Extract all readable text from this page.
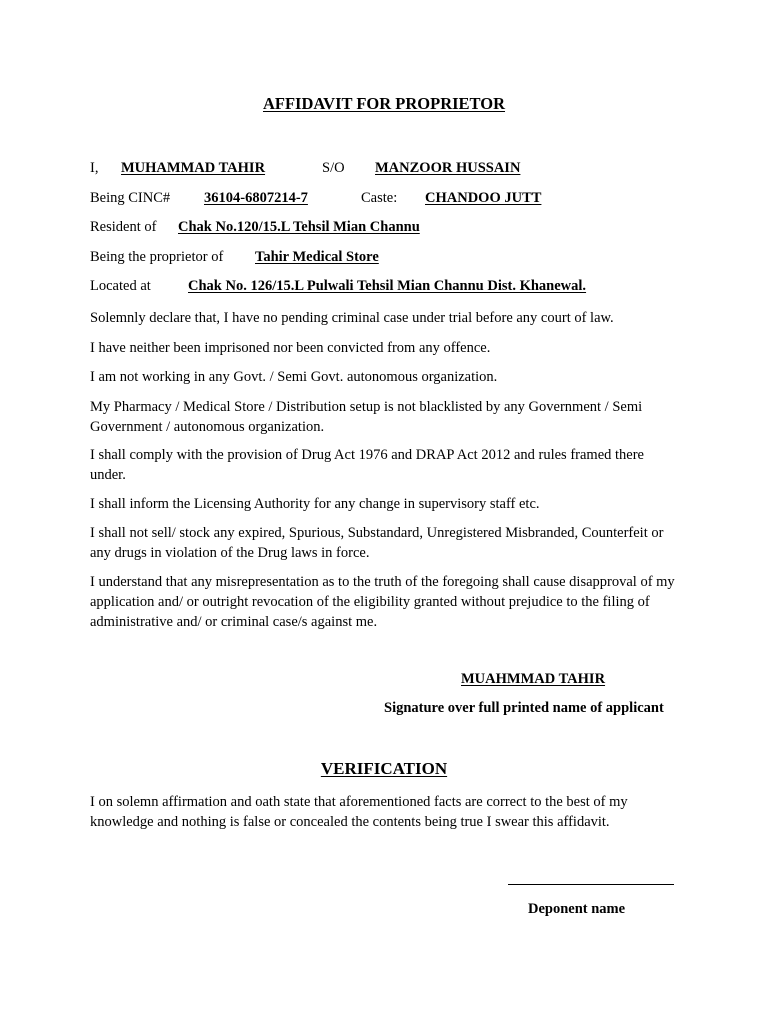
AFFIDAVIT FOR PROPRIETOR
I, MUHAMMAD TAHIR	S/O MANZOOR HUSSAIN
Being CINC# 36104-6807214-7	Caste: CHANDOO JUTT
Resident of Chak No.120/15.L Tehsil Mian Channu
Being the proprietor of Tahir Medical Store
Located at	Chak No. 126/15.L Pulwali Tehsil Mian Channu Dist. Khanewal.
Solemnly declare that, I have no pending criminal case under trial before any court of law.
I have neither been imprisoned nor been convicted from any offence.
I am not working in any Govt. / Semi Govt. autonomous organization.
My Pharmacy / Medical Store / Distribution setup is not blacklisted by any Government / Semi Government / autonomous organization.
I shall comply with the provision of Drug Act 1976 and DRAP Act 2012 and rules framed there under.
I shall inform the Licensing Authority for any change in supervisory staff etc.
I shall not sell/ stock any expired, Spurious, Substandard, Unregistered Misbranded, Counterfeit or any drugs in violation of the Drug laws in force.
I understand that any misrepresentation as to the truth of the foregoing shall cause disapproval of my application and/ or outright revocation of the eligibility granted without prejudice to the filing of administrative and/ or criminal case/s against me.
MUAHMMAD TAHIR
Signature over full printed name of applicant
VERIFICATION
I on solemn affirmation and oath state that aforementioned facts are correct to the best of my knowledge and nothing is false or concealed the contents being true I swear this affidavit.
Deponent name
